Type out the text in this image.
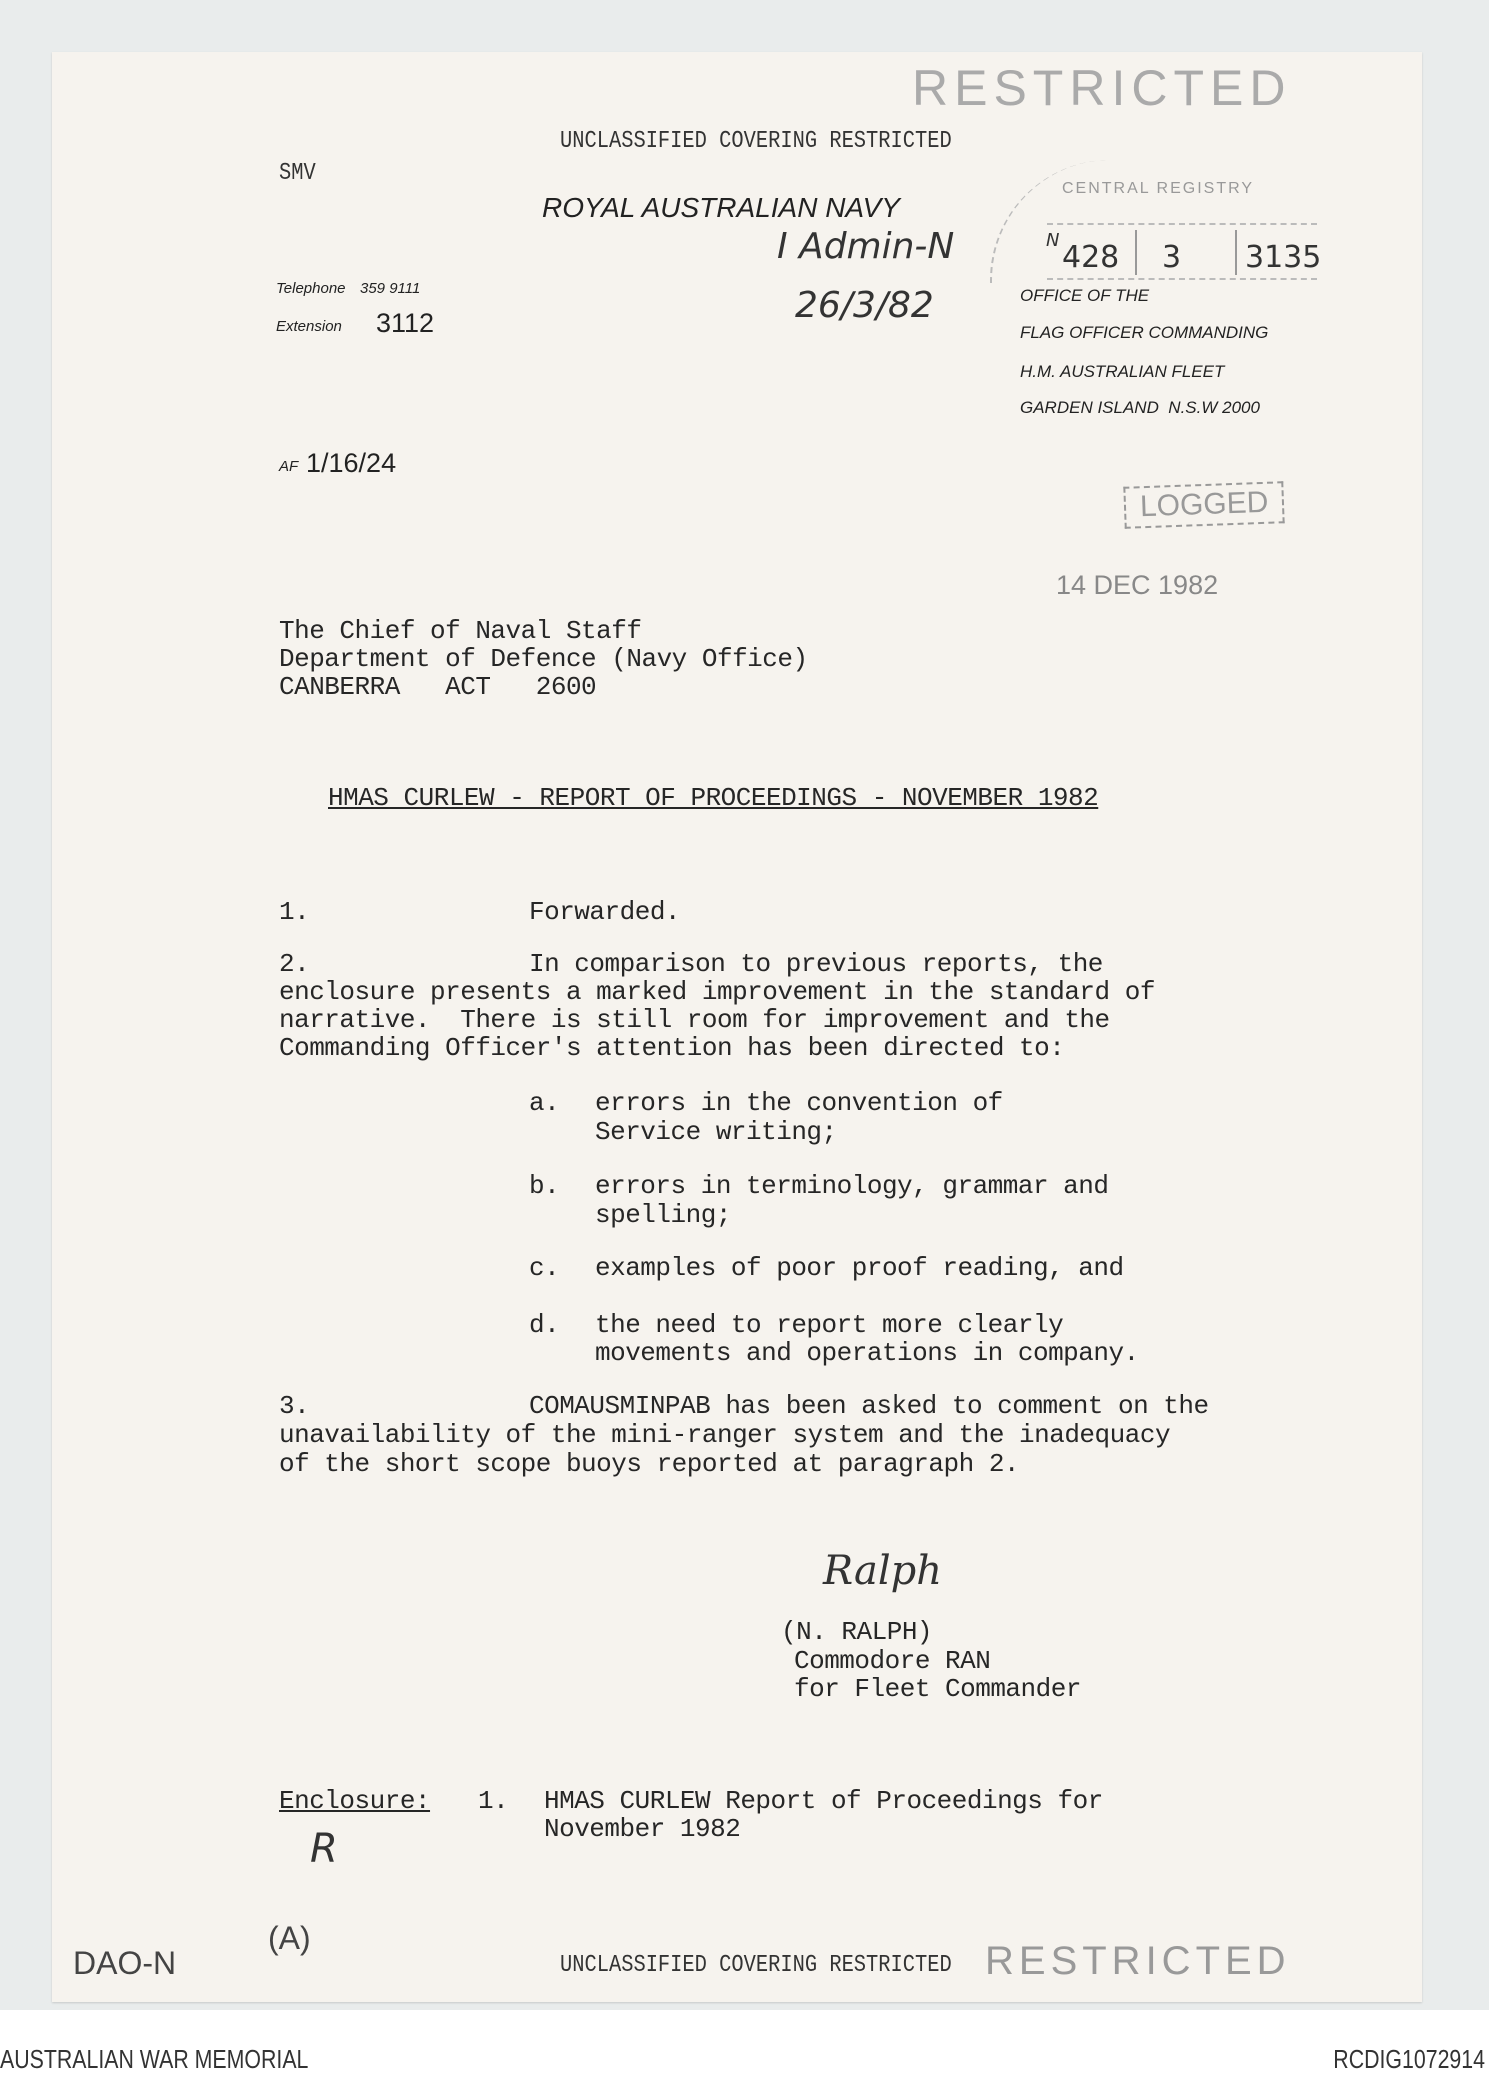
UNCLASSIFIED COVERING RESTRICTED
RESTRICTED
SMV
ROYAL AUSTRALIAN NAVY
Telephone 359 9111
Extension 3112
I Admin-N
26/3/82
CENTRAL REGISTRY
N 428 3 3135
OFFICE OF THE
FLAG OFFICER COMMANDING
H.M. AUSTRALIAN FLEET
GARDEN ISLAND  N.S.W 2000
AF 1/16/24
LOGGED
14 DEC 1982
The Chief of Naval Staff
Department of Defence (Navy Office)
CANBERRA   ACT   2600
HMAS CURLEW - REPORT OF PROCEEDINGS - NOVEMBER 1982
1.	Forwarded.
2.	In comparison to previous reports, the
enclosure presents a marked improvement in the standard of
narrative.  There is still room for improvement and the
Commanding Officer's attention has been directed to:
a. errors in the convention of
Service writing;
b. errors in terminology, grammar and
spelling;
c. examples of poor proof reading, and
d. the need to report more clearly
movements and operations in company.
3.	COMAUSMINPAB has been asked to comment on the
unavailability of the mini-ranger system and the inadequacy
of the short scope buoys reported at paragraph 2.
Ralph
(N. RALPH)
Commodore RAN
for Fleet Commander
Enclosure: 1. HMAS CURLEW Report of Proceedings for
November 1982
R
DAO-N
(A)
UNCLASSIFIED COVERING RESTRICTED RESTRICTED
AUSTRALIAN WAR MEMORIAL	RCDIG1072914
